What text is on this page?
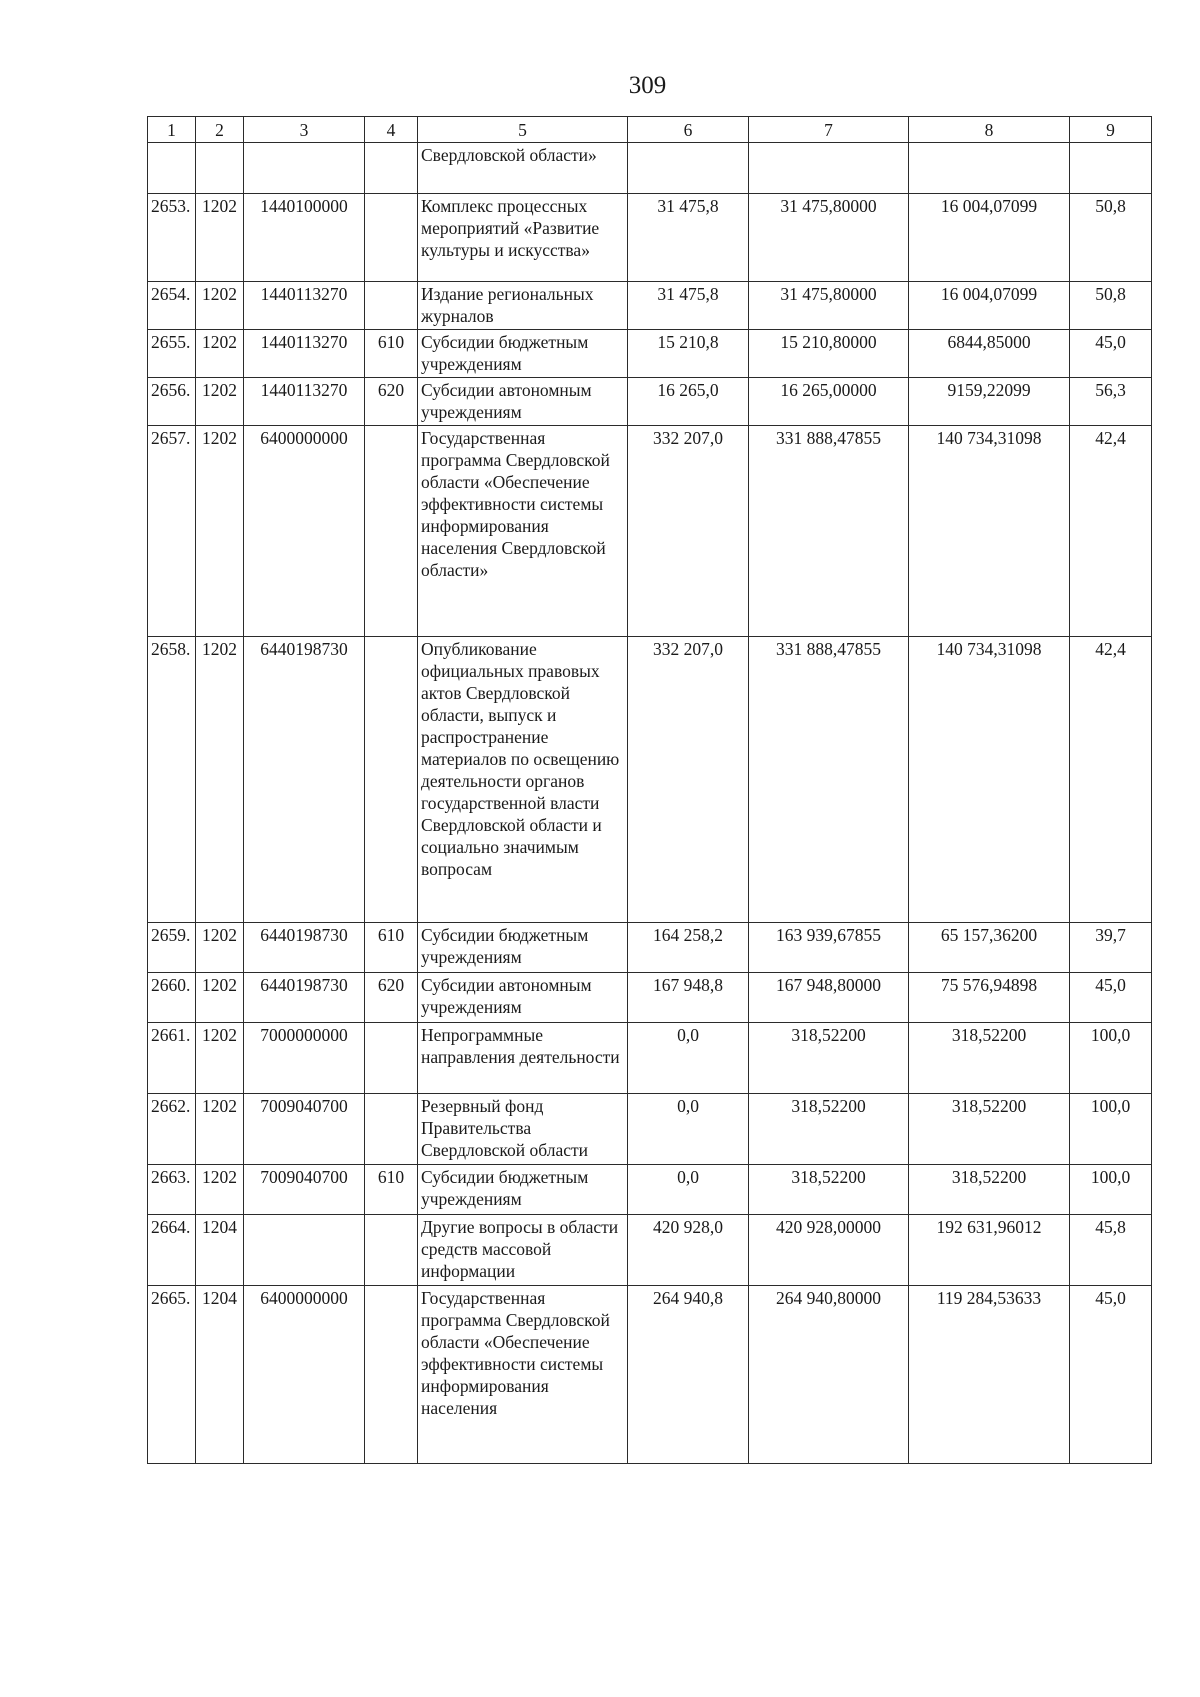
309
1	2	3	4	5	6	7	8	9
				Свердловской области»				
2653.	1202	1440100000		Комплекс процессных мероприятий «Развитие культуры и искусства»	31 475,8	31 475,80000	16 004,07099	50,8
2654.	1202	1440113270		Издание региональных журналов	31 475,8	31 475,80000	16 004,07099	50,8
2655.	1202	1440113270	610	Субсидии бюджетным учреждениям	15 210,8	15 210,80000	6844,85000	45,0
2656.	1202	1440113270	620	Субсидии автономным учреждениям	16 265,0	16 265,00000	9159,22099	56,3
2657.	1202	6400000000		Государственная программа Свердловской области «Обеспечение эффективности системы информирования населения Свердловской области»	332 207,0	331 888,47855	140 734,31098	42,4
2658.	1202	6440198730		Опубликование официальных правовых актов Свердловской области, выпуск и распространение материалов по освещению деятельности органов государственной власти Свердловской области и социально значимым вопросам	332 207,0	331 888,47855	140 734,31098	42,4
2659.	1202	6440198730	610	Субсидии бюджетным учреждениям	164 258,2	163 939,67855	65 157,36200	39,7
2660.	1202	6440198730	620	Субсидии автономным учреждениям	167 948,8	167 948,80000	75 576,94898	45,0
2661.	1202	7000000000		Непрограммные направления деятельности	0,0	318,52200	318,52200	100,0
2662.	1202	7009040700		Резервный фонд Правительства Свердловской области	0,0	318,52200	318,52200	100,0
2663.	1202	7009040700	610	Субсидии бюджетным учреждениям	0,0	318,52200	318,52200	100,0
2664.	1204			Другие вопросы в области средств массовой информации	420 928,0	420 928,00000	192 631,96012	45,8
2665.	1204	6400000000		Государственная программа Свердловской области «Обеспечение эффективности системы информирования населения	264 940,8	264 940,80000	119 284,53633	45,0
